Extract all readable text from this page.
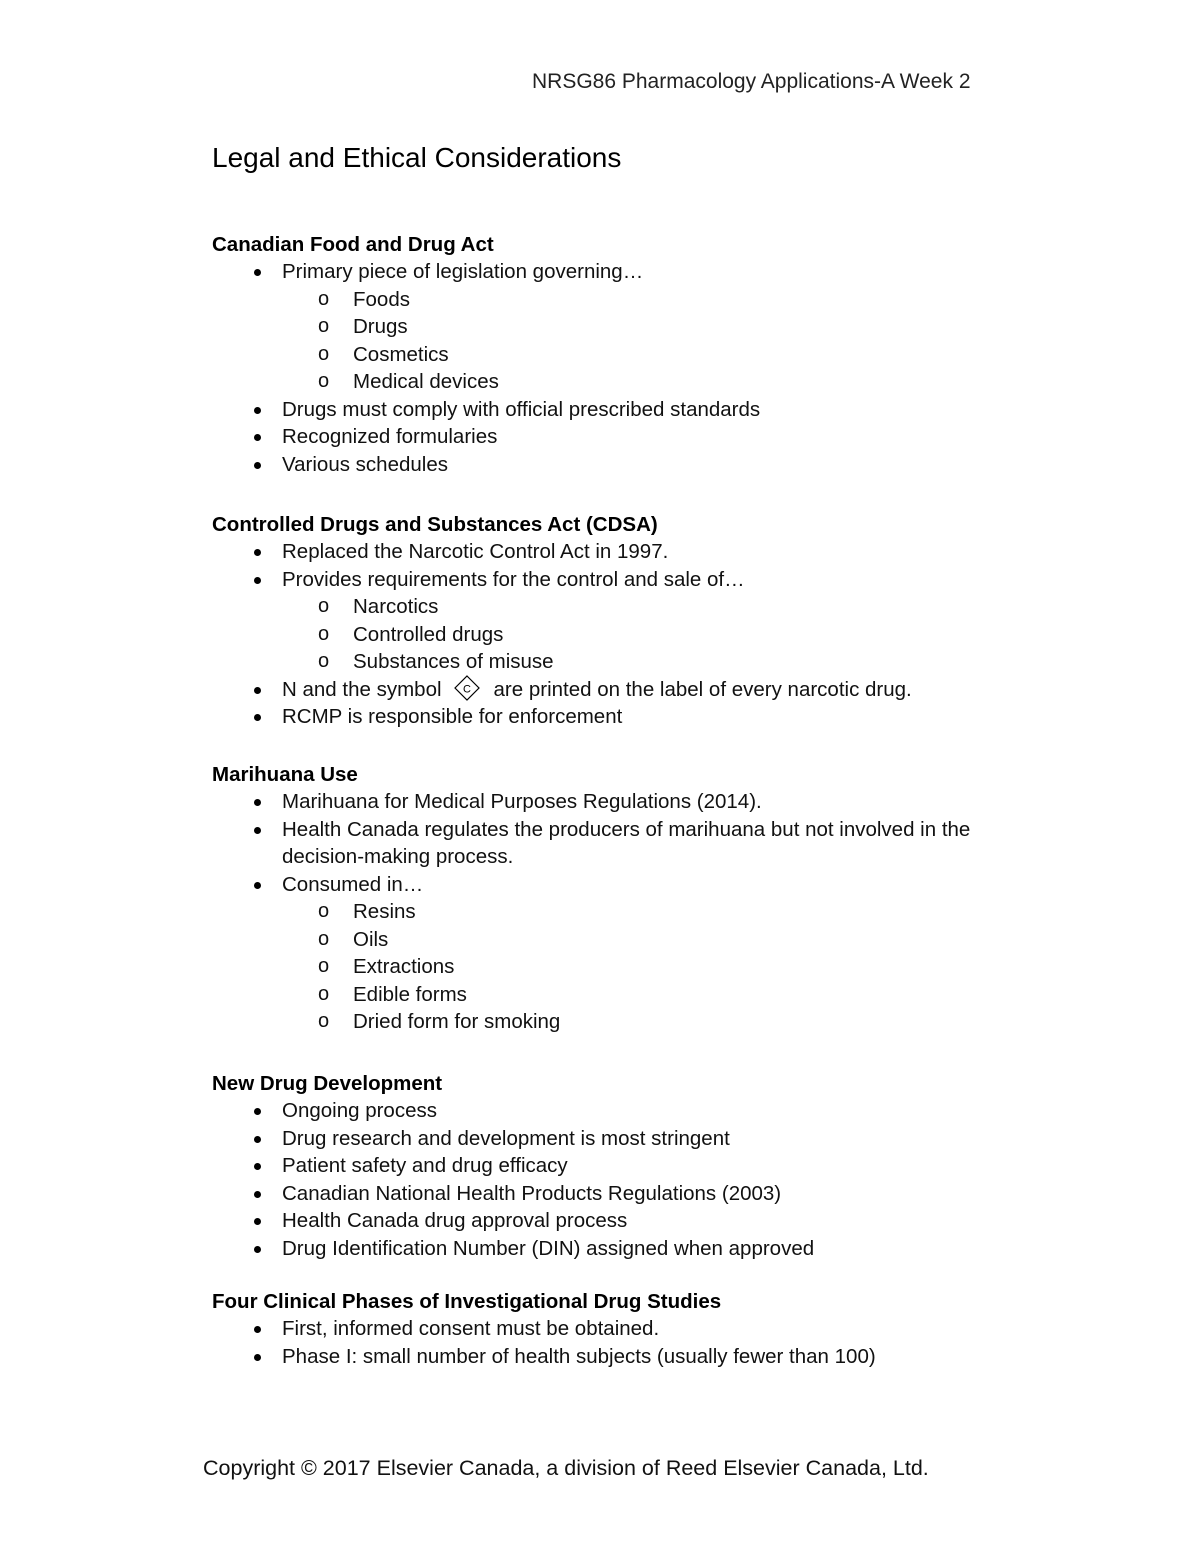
NRSG86 Pharmacology Applications-A Week 2
Legal and Ethical Considerations
Canadian Food and Drug Act
Primary piece of legislation governing…
o Foods
o Drugs
o Cosmetics
o Medical devices
Drugs must comply with official prescribed standards
Recognized formularies
Various schedules
Controlled Drugs and Substances Act (CDSA)
Replaced the Narcotic Control Act in 1997.
Provides requirements for the control and sale of…
o Narcotics
o Controlled drugs
o Substances of misuse
N and the symbol C are printed on the label of every narcotic drug.
RCMP is responsible for enforcement
Marihuana Use
Marihuana for Medical Purposes Regulations (2014).
Health Canada regulates the producers of marihuana but not involved in the decision-making process.
Consumed in…
o Resins
o Oils
o Extractions
o Edible forms
o Dried form for smoking
New Drug Development
Ongoing process
Drug research and development is most stringent
Patient safety and drug efficacy
Canadian National Health Products Regulations (2003)
Health Canada drug approval process
Drug Identification Number (DIN) assigned when approved
Four Clinical Phases of Investigational Drug Studies
First, informed consent must be obtained.
Phase I: small number of health subjects (usually fewer than 100)
Copyright © 2017 Elsevier Canada, a division of Reed Elsevier Canada, Ltd.
